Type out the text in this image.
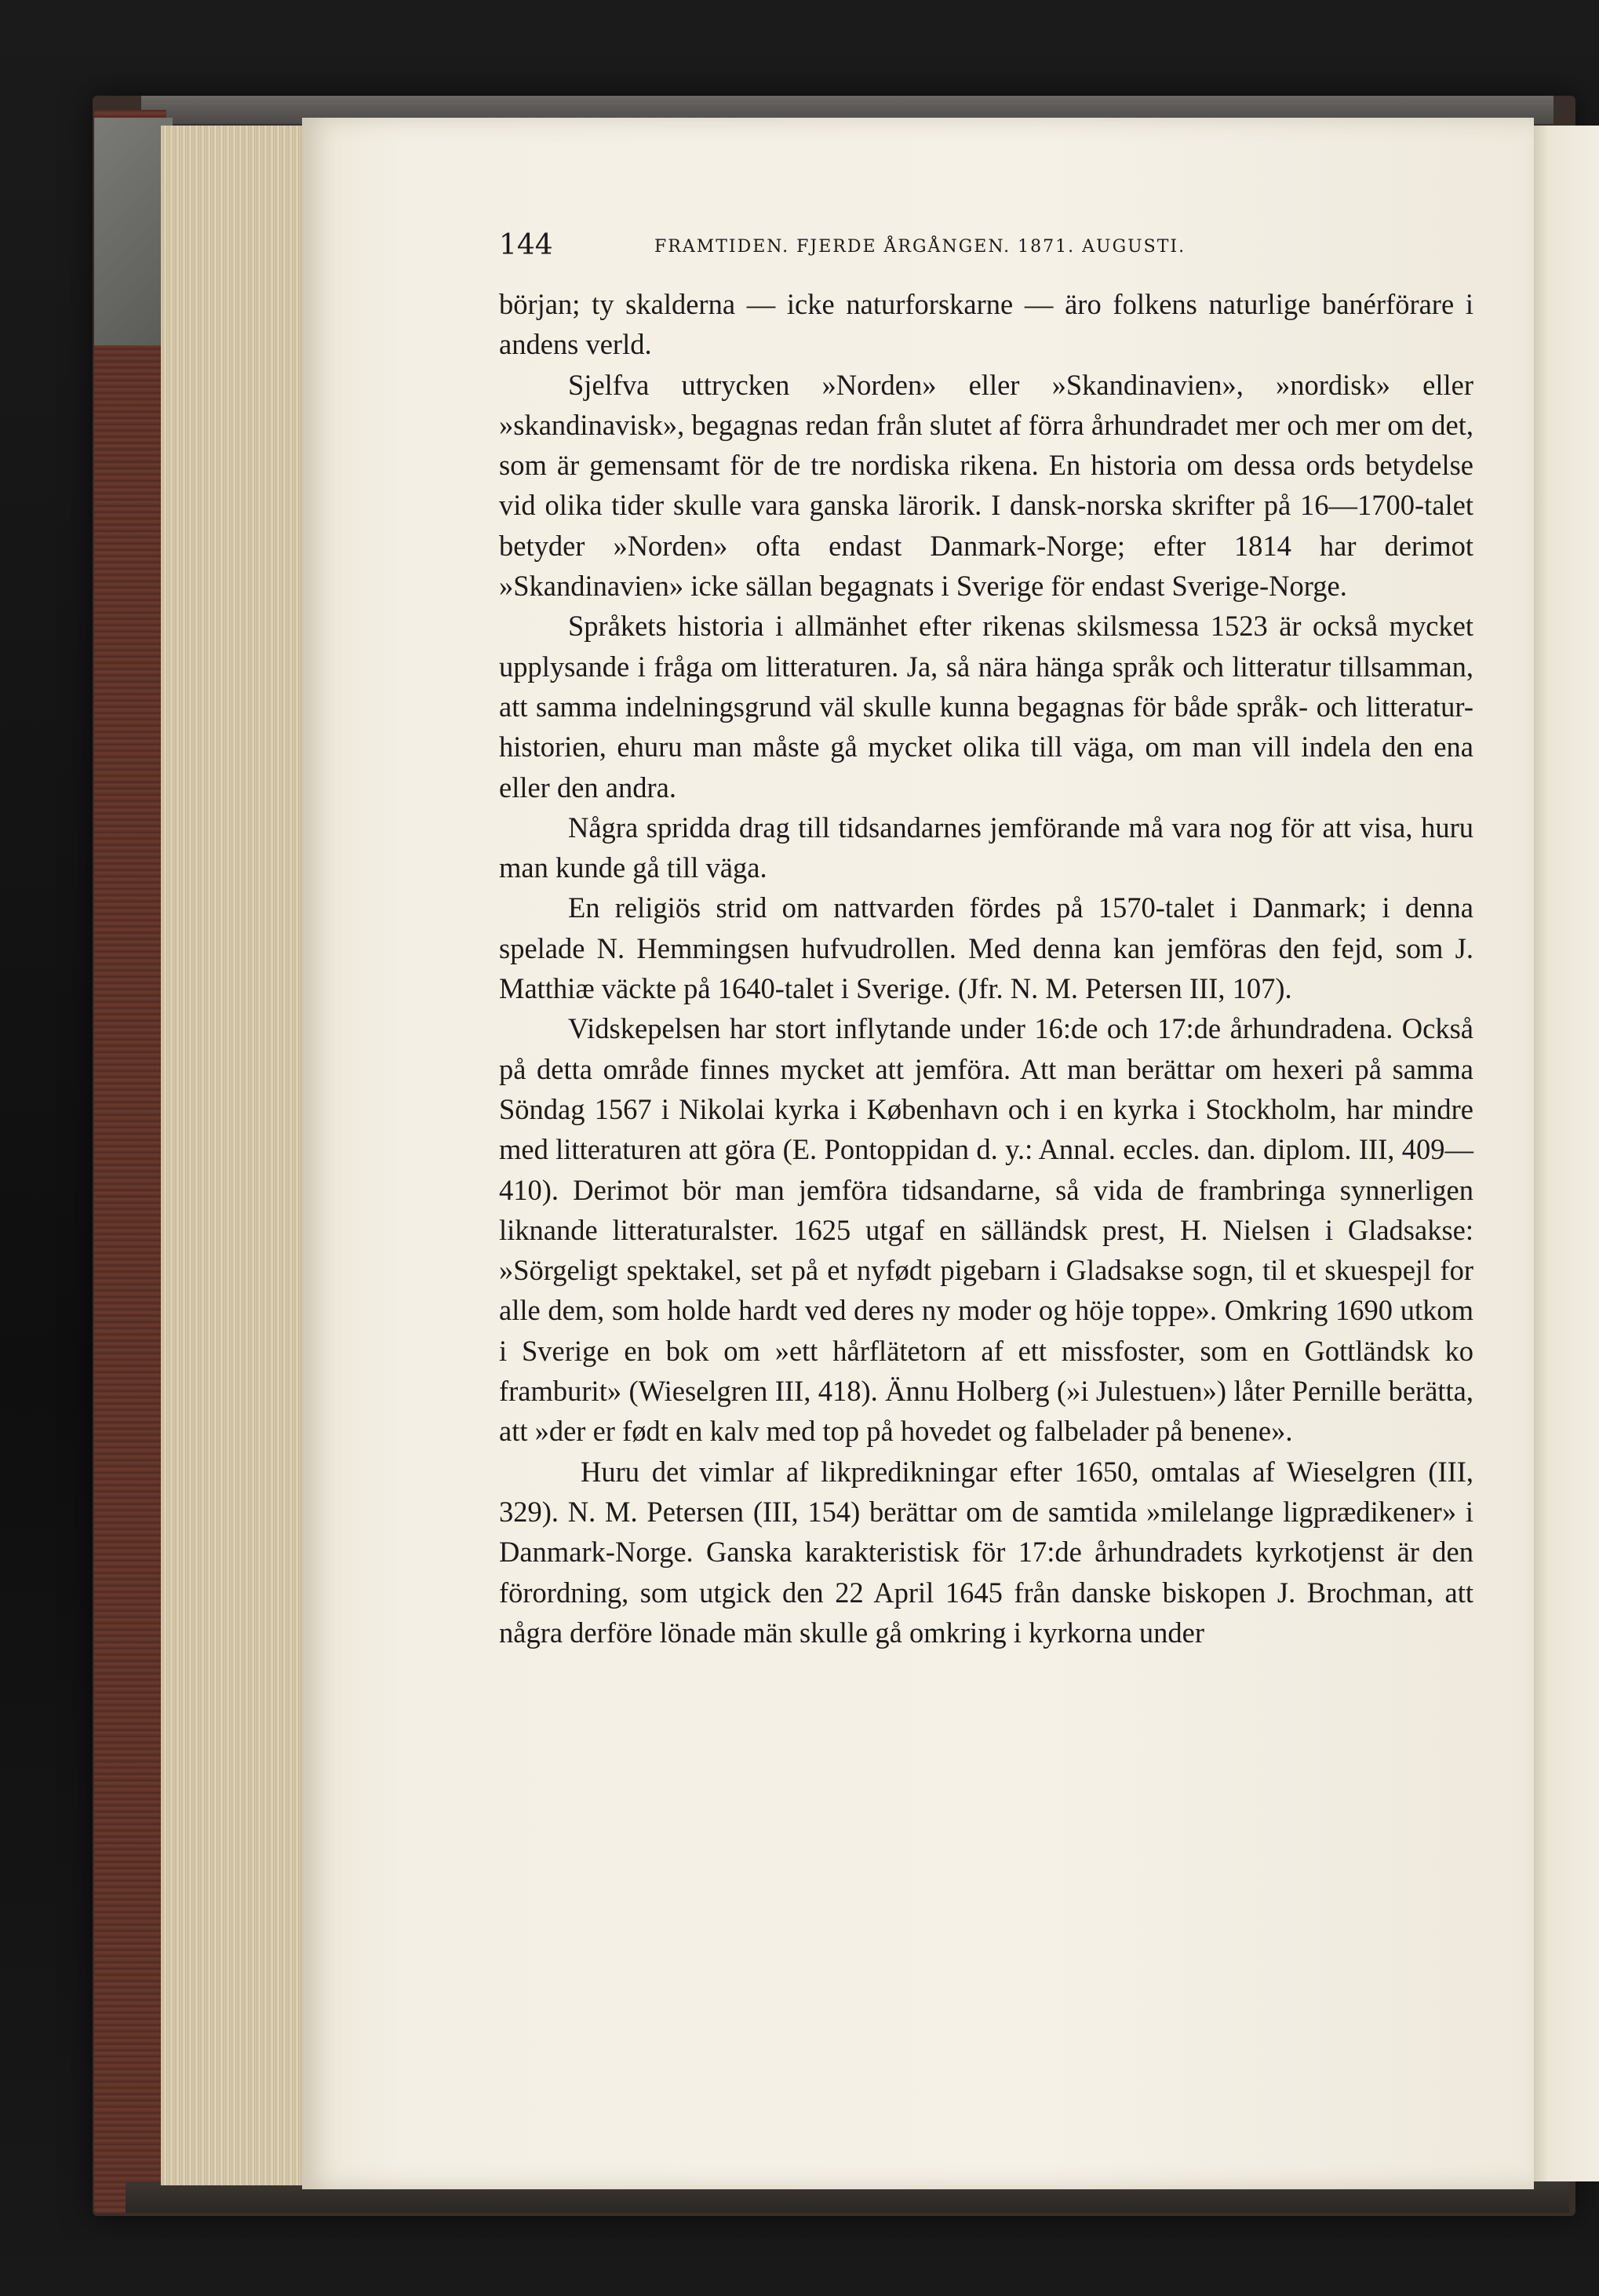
144	FRAMTIDEN. FJERDE ÅRGÅNGEN. 1871. AUGUSTI.

början; ty skalderna — icke naturforskarne — äro folkens naturlige banérförare i andens verld.

Sjelfva uttrycken »Norden» eller »Skandinavien», »nordisk» eller »skandinavisk», begagnas redan från slutet af förra århundradet mer och mer om det, som är gemensamt för de tre nordiska rikena. En historia om dessa ords betydelse vid olika tider skulle vara ganska lärorik. I dansk-norska skrifter på 16—1700-talet betyder »Norden» ofta endast Danmark-Norge; efter 1814 har derimot »Skandinavien» icke sällan begagnats i Sverige för endast Sverige-Norge.

Språkets historia i allmänhet efter rikenas skilsmessa 1523 är också mycket upplysande i fråga om litteraturen. Ja, så nära hänga språk och litteratur tillsamman, att samma indelningsgrund väl skulle kunna begagnas för både språk- och litteratur-historien, ehuru man måste gå mycket olika till väga, om man vill indela den ena eller den andra.

Några spridda drag till tidsandarnes jemförande må vara nog för att visa, huru man kunde gå till väga.

En religiös strid om nattvarden fördes på 1570-talet i Danmark; i denna spelade N. Hemmingsen hufvudrollen. Med denna kan jemföras den fejd, som J. Matthiæ väckte på 1640-talet i Sverige. (Jfr. N. M. Petersen III, 107).

Vidskepelsen har stort inflytande under 16:de och 17:de århundradena. Också på detta område finnes mycket att jemföra. Att man berättar om hexeri på samma Söndag 1567 i Nikolai kyrka i København och i en kyrka i Stockholm, har mindre med litteraturen att göra (E. Pontoppidan d. y.: Annal. eccles. dan. diplom. III, 409—410). Derimot bör man jemföra tidsandarne, så vida de frambringa synnerligen liknande litteraturalster. 1625 utgaf en sälländsk prest, H. Nielsen i Gladsakse: »Sörgeligt spektakel, set på et nyfødt pigebarn i Gladsakse sogn, til et skuespejl for alle dem, som holde hardt ved deres ny moder og höje toppe». Omkring 1690 utkom i Sverige en bok om »ett hårflätetorn af ett missfoster, som en Gottländsk ko framburit» (Wieselgren III, 418). Ännu Holberg (»i Julestuen») låter Pernille berätta, att »der er født en kalv med top på hovedet og falbelader på benene».

Huru det vimlar af likpredikningar efter 1650, omtalas af Wieselgren (III, 329). N. M. Petersen (III, 154) berättar om de samtida »milelange ligprædikener» i Danmark-Norge. Ganska karakteristisk för 17:de århundradets kyrkotjenst är den förordning, som utgick den 22 April 1645 från danske biskopen J. Brochman, att några derföre lönade män skulle gå omkring i kyrkorna under
